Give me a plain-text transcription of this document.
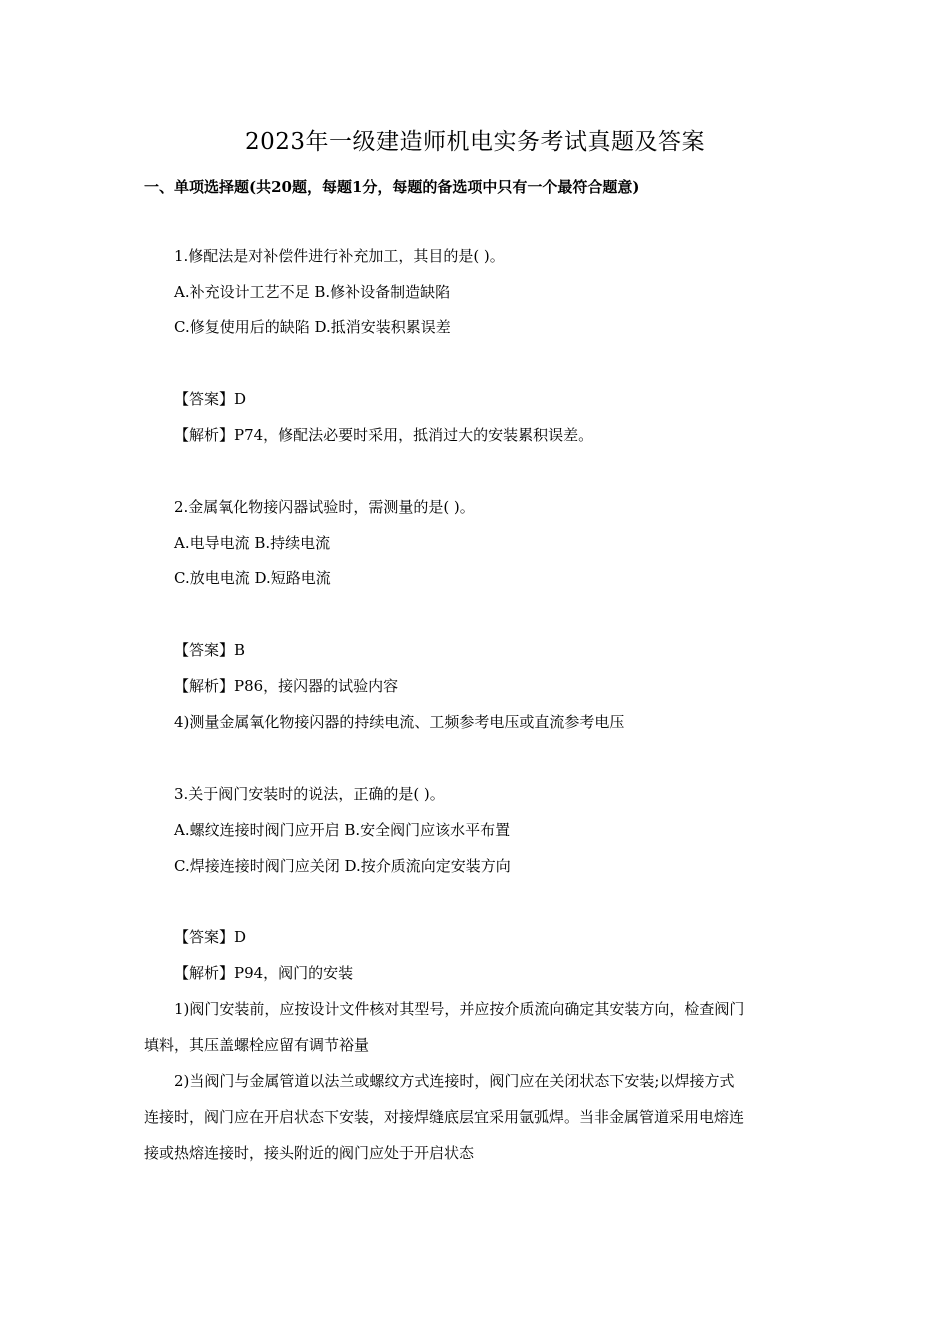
2023年一级建造师机电实务考试真题及答案
一、单项选择题(共20题，每题1分，每题的备选项中只有一个最符合题意)
1.修配法是对补偿件进行补充加工，其目的是( )。
A.补充设计工艺不足 B.修补设备制造缺陷
C.修复使用后的缺陷 D.抵消安装积累误差
【答案】D
【解析】P74，修配法必要时采用，抵消过大的安装累积误差。
2.金属氧化物接闪器试验时，需测量的是( )。
A.电导电流 B.持续电流
C.放电电流 D.短路电流
【答案】B
【解析】P86，接闪器的试验内容
4)测量金属氧化物接闪器的持续电流、工频参考电压或直流参考电压
3.关于阀门安装时的说法，正确的是( )。
A.螺纹连接时阀门应开启 B.安全阀门应该水平布置
C.焊接连接时阀门应关闭 D.按介质流向定安装方向
【答案】D
【解析】P94，阀门的安装
1)阀门安装前，应按设计文件核对其型号，并应按介质流向确定其安装方向，检查阀门
填料，其压盖螺栓应留有调节裕量
2)当阀门与金属管道以法兰或螺纹方式连接时，阀门应在关闭状态下安装;以焊接方式
连接时，阀门应在开启状态下安装，对接焊缝底层宜采用氩弧焊。当非金属管道采用电熔连
接或热熔连接时，接头附近的阀门应处于开启状态
